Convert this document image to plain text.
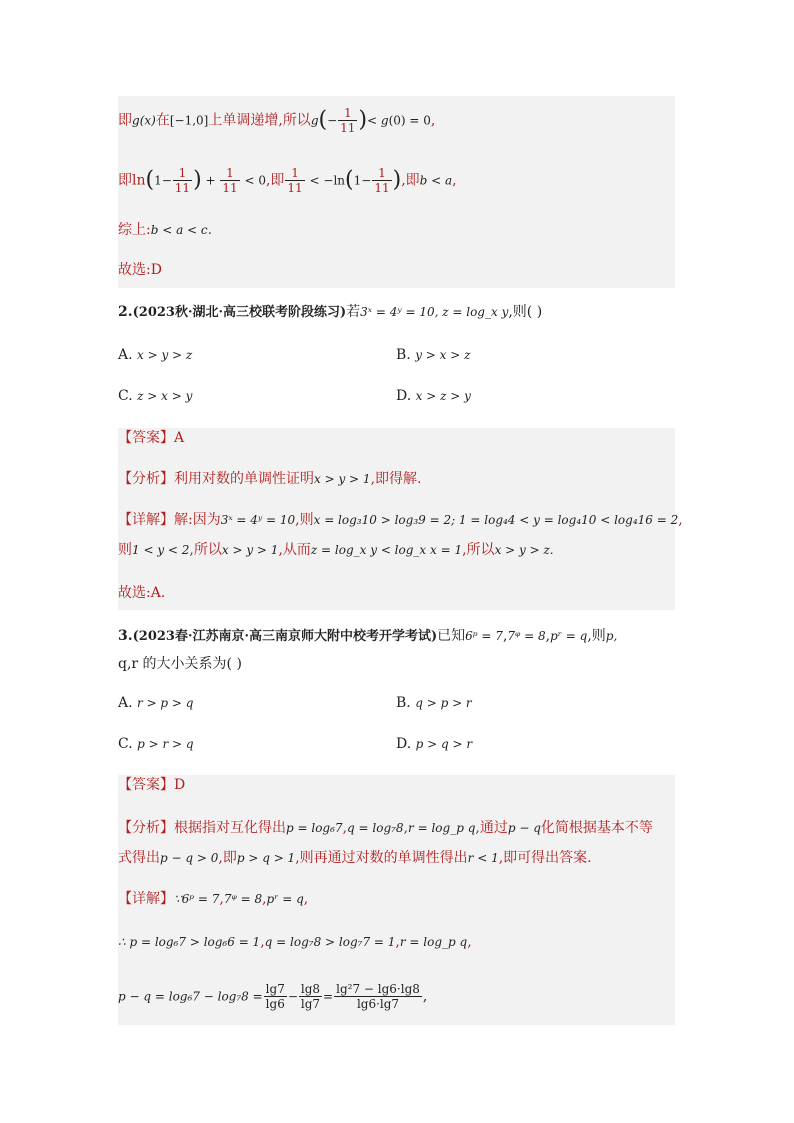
即g(x)在[−1,0]上单调递增,所以$g(- \frac{1}{11}$ )< g(0) = 0,
即$\ln(1- \frac{1}{11}$ ) + $\frac{1}{11} < 0$,即 $\frac{1}{11} < -\ln(1- \frac{1}{11}$ ),即b < a,
综上:b < a < c.
故选:D
2.(2023秋·湖北·高三校联考阶段练习)若3ˣ = 4ʸ = 10, z = log_x y,则( )
A. x > y > z	B. y > x > z
C. z > x > y	D. x > z > y
【答案】A
【分析】利用对数的单调性证明x > y > 1,即得解.
【详解】解:因为3ˣ = 4ʸ = 10,则x = log₃10 > log₃9 = 2; 1 = log₄4 < y = log₄10 < log₄16 = 2,
则1 < y < 2,所以x > y > 1,从而z = log_x y < log_x x = 1,所以x > y > z.
故选:A.
3.(2023春·江苏南京·高三南京师大附中校考开学考试)已知6ᵖ = 7,7ᵠ = 8,pʳ = q,则p,
q,r 的大小关系为( )
A. r > p > q	B. q > p > r
C. p > r > q	D. p > q > r
【答案】D
【分析】根据指对互化得出p = log₆7,q = log₇8,r = log_p q,通过p − q化简根据基本不等
式得出p − q > 0,即p > q > 1,则再通过对数的单调性得出r < 1,即可得出答案.
【详解】∵6ᵖ = 7,7ᵠ = 8,pʳ = q,
∴ p = log₆7 > log₆6 = 1,q = log₇8 > log₇7 = 1,r = log_p q,
$p - q = \log_67 - \log_78 = \frac{\lg 7}{\lg 6} - \frac{\lg 8}{\lg 7} = \frac{\text{lg²7 − lg6·lg8}}{\lg 6\cdot\lg 7}$ ,
